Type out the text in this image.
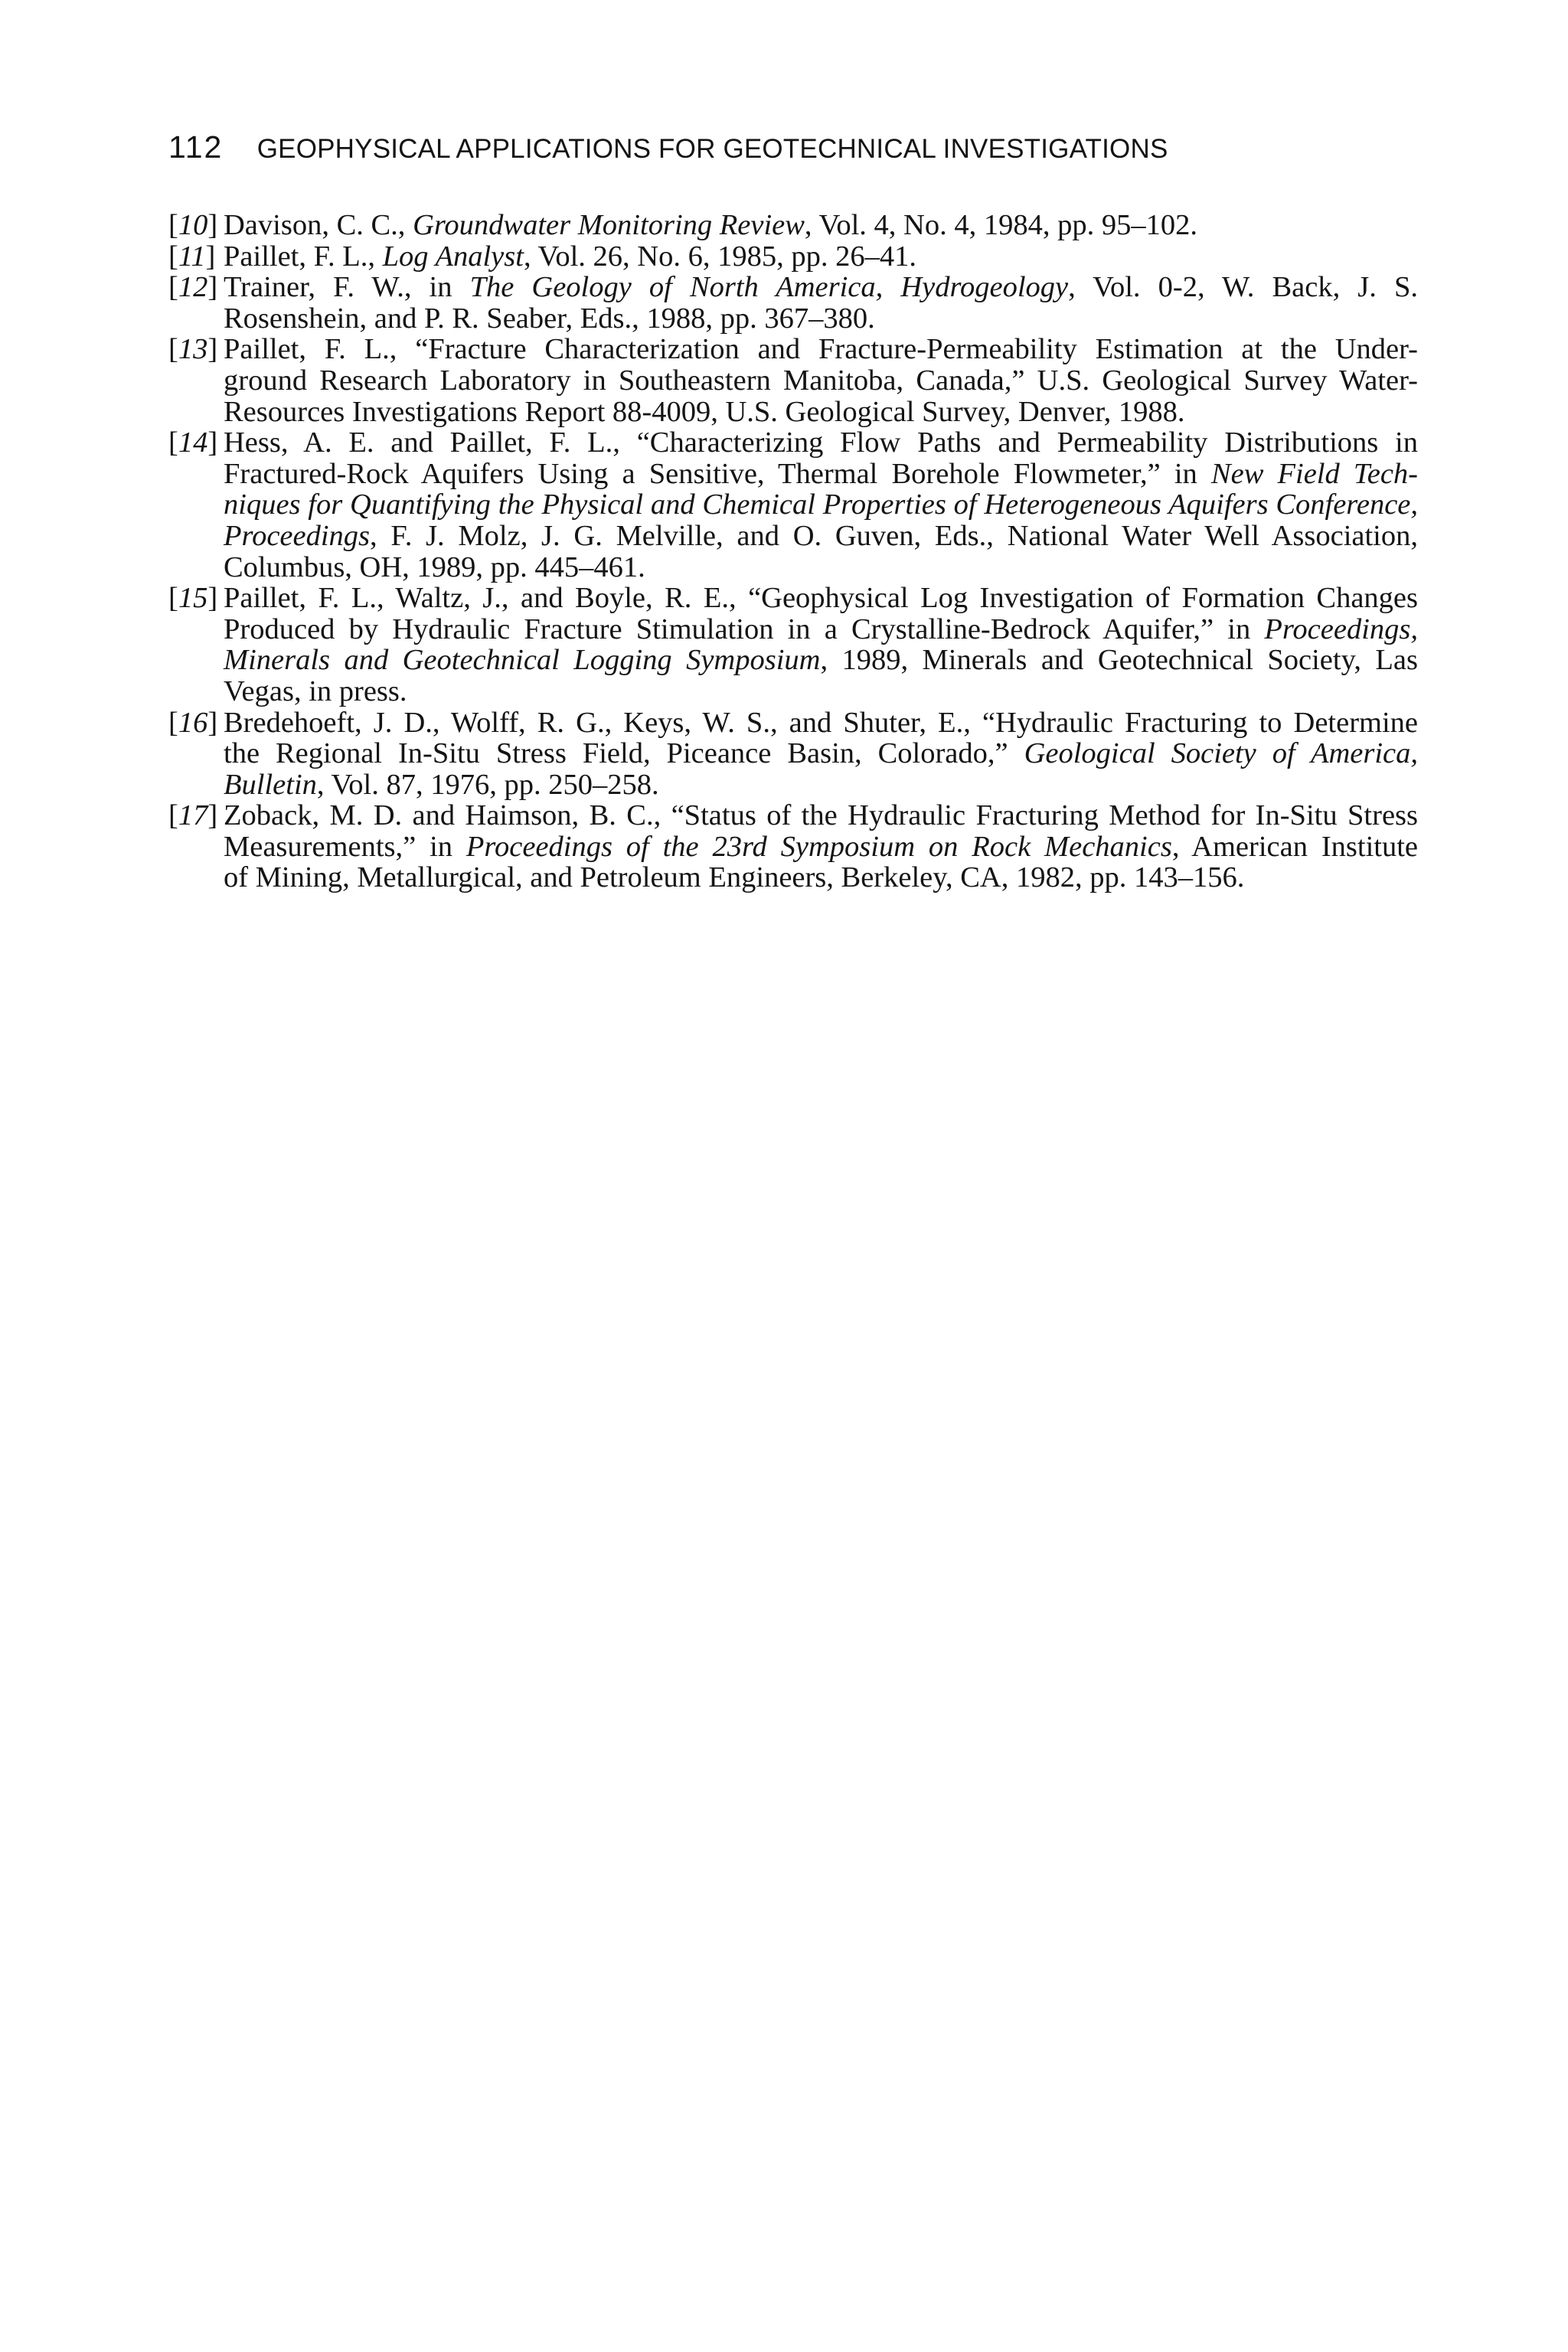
112 GEOPHYSICAL APPLICATIONS FOR GEOTECHNICAL INVESTIGATIONS
[10] Davison, C. C., Groundwater Monitoring Review, Vol. 4, No. 4, 1984, pp. 95–102.
[11] Paillet, F. L., Log Analyst, Vol. 26, No. 6, 1985, pp. 26–41.
[12] Trainer, F. W., in The Geology of North America, Hydrogeology, Vol. 0-2, W. Back, J. S.
Rosenshein, and P. R. Seaber, Eds., 1988, pp. 367–380.
[13] Paillet, F. L., “Fracture Characterization and Fracture-Permeability Estimation at the Under-
ground Research Laboratory in Southeastern Manitoba, Canada,” U.S. Geological Survey Water-
Resources Investigations Report 88-4009, U.S. Geological Survey, Denver, 1988.
[14] Hess, A. E. and Paillet, F. L., “Characterizing Flow Paths and Permeability Distributions in
Fractured-Rock Aquifers Using a Sensitive, Thermal Borehole Flowmeter,” in New Field Tech-
niques for Quantifying the Physical and Chemical Properties of Heterogeneous Aquifers Conference,
Proceedings, F. J. Molz, J. G. Melville, and O. Guven, Eds., National Water Well Association,
Columbus, OH, 1989, pp. 445–461.
[15] Paillet, F. L., Waltz, J., and Boyle, R. E., “Geophysical Log Investigation of Formation Changes
Produced by Hydraulic Fracture Stimulation in a Crystalline-Bedrock Aquifer,” in Proceedings,
Minerals and Geotechnical Logging Symposium, 1989, Minerals and Geotechnical Society, Las
Vegas, in press.
[16] Bredehoeft, J. D., Wolff, R. G., Keys, W. S., and Shuter, E., “Hydraulic Fracturing to Determine
the Regional In-Situ Stress Field, Piceance Basin, Colorado,” Geological Society of America,
Bulletin, Vol. 87, 1976, pp. 250–258.
[17] Zoback, M. D. and Haimson, B. C., “Status of the Hydraulic Fracturing Method for In-Situ Stress
Measurements,” in Proceedings of the 23rd Symposium on Rock Mechanics, American Institute
of Mining, Metallurgical, and Petroleum Engineers, Berkeley, CA, 1982, pp. 143–156.
